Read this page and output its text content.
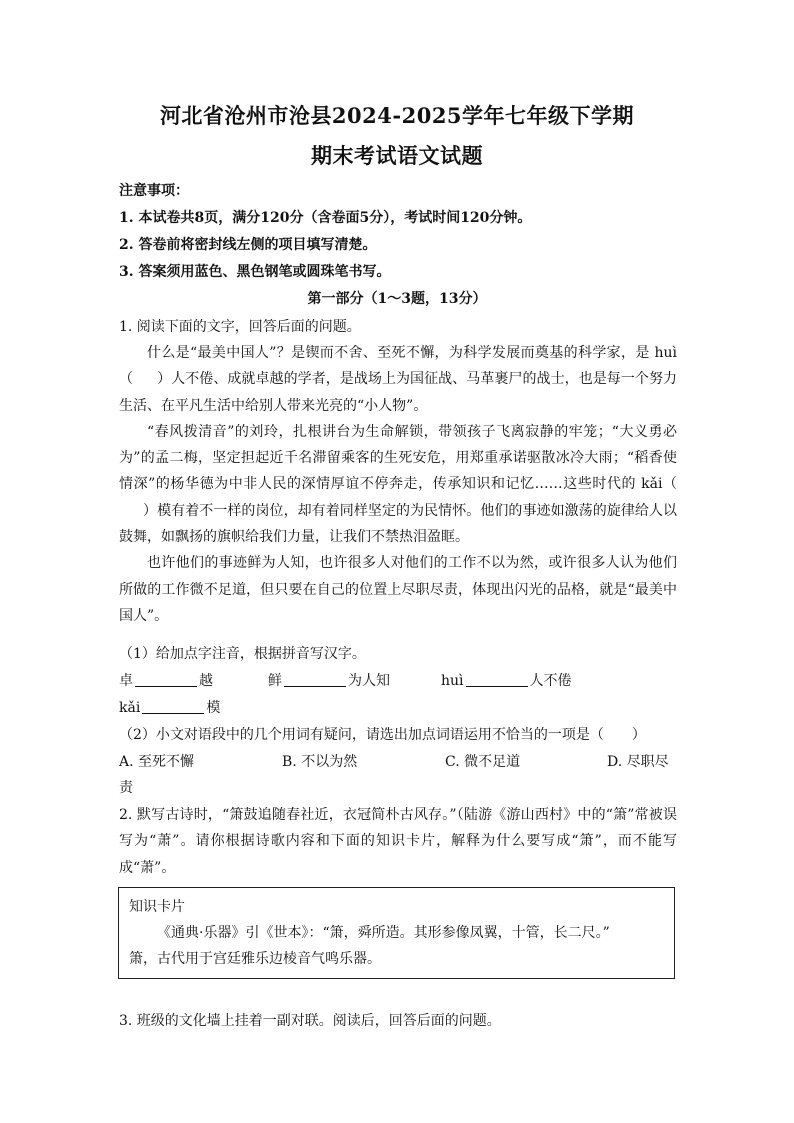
河北省沧州市沧县2024-2025学年七年级下学期
期末考试语文试题
注意事项：
1. 本试卷共8页，满分120分（含卷面5分），考试时间120分钟。
2. 答卷前将密封线左侧的项目填写清楚。
3. 答案须用蓝色、黑色钢笔或圆珠笔书写。
第一部分（1～3题，13分）
1. 阅读下面的文字，回答后面的问题。

什么是“最美中国人”？是锲而不舍、至死不懈，为科学发展而奠基的科学家，是 huì（ ）人不倦、成就卓越的学者，是战场上为国征战、马革裹尸的战士，也是每一个努力生活、在平凡生活中给别人带来光亮的“小人物”。

“春风拨清音”的刘玲，扎根讲台为生命解锁，带领孩子飞离寂静的牢笼；“大义勇必为”的孟二梅，坚定担起近千名滞留乘客的生死安危，用郑重承诺驱散冰冷大雨；“稻香使情深”的杨华德为中非人民的深情厚谊不停奔走，传承知识和记忆……这些时代的 kǎi（）模有着不一样的岗位，却有着同样坚定的为民情怀。他们的事迹如激荡的旋律给人以鼓舞，如飘扬的旗帜给我们力量，让我们不禁热泪盈眶。

也许他们的事迹鲜为人知，也许很多人对他们的工作不以为然，或许很多人认为他们所做的工作微不足道，但只要在自己的位置上尽职尽责，体现出闪光的品格，就是“最美中国人”。

（1）给加点字注音，根据拼音写汉字。
卓	越	鲜	为人知	huì	人不倦
kǎi	模
（2）小文对语段中的几个用词有疑问，请选出加点词语运用不恰当的一项是（　　）
A. 至死不懈	B. 不以为然	C. 微不足道	D. 尽职尽
责
2. 默写古诗时，“箫鼓追随春社近，衣冠简朴古风存。”（陆游《游山西村》中的“箫”常被误写为“萧”。请你根据诗歌内容和下面的知识卡片，解释为什么要写成“箫”，而不能写成“萧”。

知识卡片

《通典·乐器》引《世本》：“箫，舜所造。其形参像凤翼，十管，长二尺。”

箫，古代用于宫廷雅乐边棱音气鸣乐器。

3. 班级的文化墙上挂着一副对联。阅读后，回答后面的问题。
